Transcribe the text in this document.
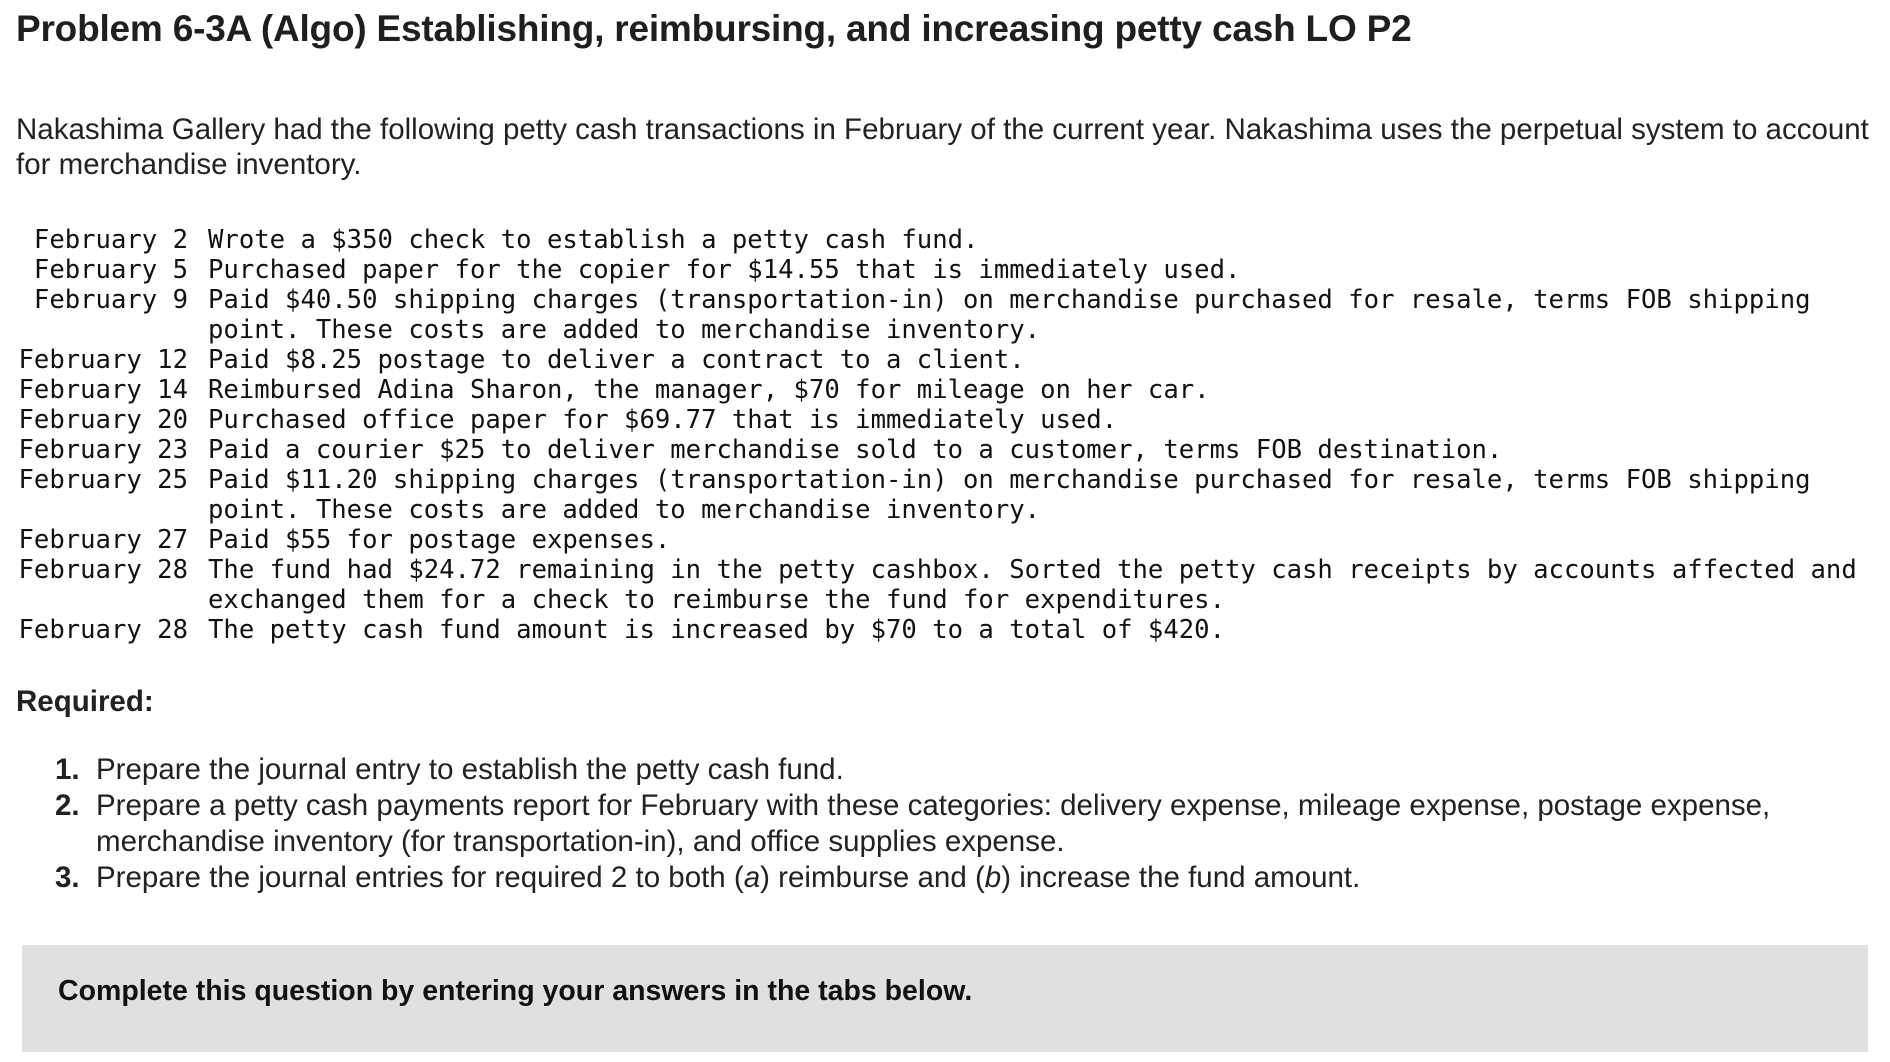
Problem 6-3A (Algo) Establishing, reimbursing, and increasing petty cash LO P2

Nakashima Gallery had the following petty cash transactions in February of the current year. Nakashima uses the perpetual system to account for merchandise inventory.

February 2 Wrote a $350 check to establish a petty cash fund.
February 5 Purchased paper for the copier for $14.55 that is immediately used.
February 9 Paid $40.50 shipping charges (transportation-in) on merchandise purchased for resale, terms FOB shipping point. These costs are added to merchandise inventory.
February 12 Paid $8.25 postage to deliver a contract to a client.
February 14 Reimbursed Adina Sharon, the manager, $70 for mileage on her car.
February 20 Purchased office paper for $69.77 that is immediately used.
February 23 Paid a courier $25 to deliver merchandise sold to a customer, terms FOB destination.
February 25 Paid $11.20 shipping charges (transportation-in) on merchandise purchased for resale, terms FOB shipping point. These costs are added to merchandise inventory.
February 27 Paid $55 for postage expenses.
February 28 The fund had $24.72 remaining in the petty cashbox. Sorted the petty cash receipts by accounts affected and exchanged them for a check to reimburse the fund for expenditures.
February 28 The petty cash fund amount is increased by $70 to a total of $420.
Required:
1. Prepare the journal entry to establish the petty cash fund.
2. Prepare a petty cash payments report for February with these categories: delivery expense, mileage expense, postage expense, merchandise inventory (for transportation-in), and office supplies expense.
3. Prepare the journal entries for required 2 to both (a) reimburse and (b) increase the fund amount.
Complete this question by entering your answers in the tabs below.
